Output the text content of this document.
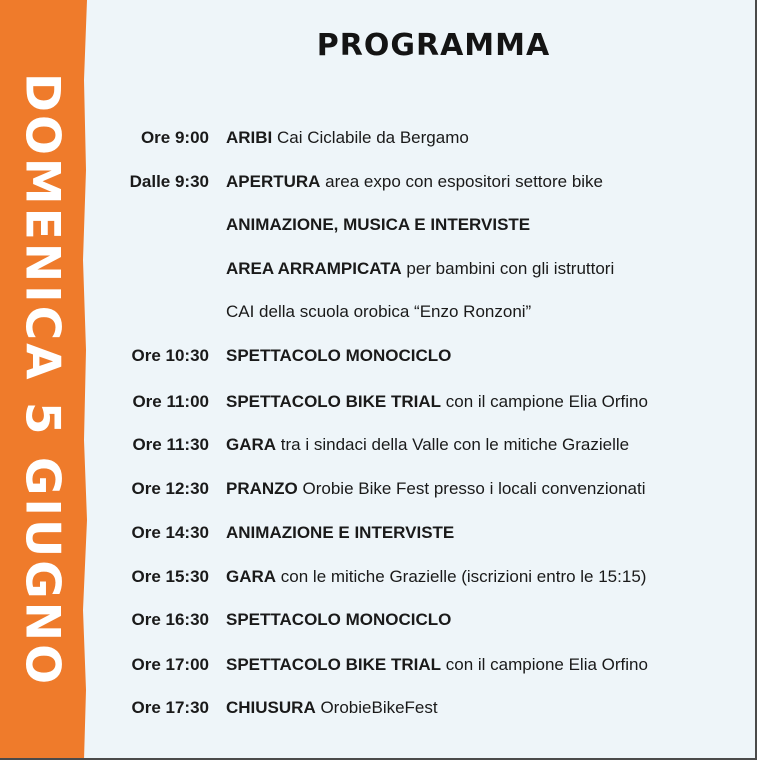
DOMENICA 5 GIUGNO
PROGRAMMA
Ore 9:00 ARIBI Cai Ciclabile da Bergamo
Dalle 9:30 APERTURA area expo con espositori settore bike
ANIMAZIONE, MUSICA E INTERVISTE
AREA ARRAMPICATA per bambini con gli istruttori
CAI della scuola orobica “Enzo Ronzoni”
Ore 10:30 SPETTACOLO MONOCICLO
Ore 11:00 SPETTACOLO BIKE TRIAL con il campione Elia Orfino
Ore 11:30 GARA tra i sindaci della Valle con le mitiche Grazielle
Ore 12:30 PRANZO Orobie Bike Fest presso i locali convenzionati
Ore 14:30 ANIMAZIONE E INTERVISTE
Ore 15:30 GARA con le mitiche Grazielle (iscrizioni entro le 15:15)
Ore 16:30 SPETTACOLO MONOCICLO
Ore 17:00 SPETTACOLO BIKE TRIAL con il campione Elia Orfino
Ore 17:30 CHIUSURA OrobieBikeFest
